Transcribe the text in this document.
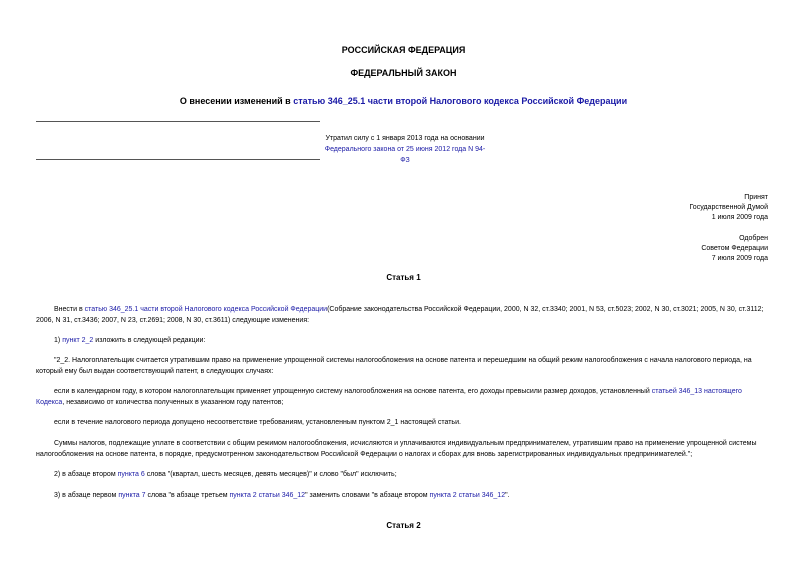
РОССИЙСКАЯ ФЕДЕРАЦИЯ
ФЕДЕРАЛЬНЫЙ ЗАКОН
О внесении изменений в статью 346_25.1 части второй Налогового кодекса Российской Федерации
Утратил силу с 1 января 2013 года на основании
Федерального закона от 25 июня 2012 года N 94-ФЗ
Принят
Государственной Думой
1 июля 2009 года
Одобрен
Советом Федерации
7 июля 2009 года
Статья 1
Внести в статью 346_25.1 части второй Налогового кодекса Российской Федерации(Собрание законодательства Российской Федерации, 2000, N 32, ст.3340; 2001, N 53, ст.5023; 2002, N 30, ст.3021; 2005, N 30, ст.3112; 2006, N 31, ст.3436; 2007, N 23, ст.2691; 2008, N 30, ст.3611) следующие изменения:
1) пункт 2_2 изложить в следующей редакции:
"2_2. Налогоплательщик считается утратившим право на применение упрощенной системы налогообложения на основе патента и перешедшим на общий режим налогообложения с начала налогового периода, на который ему был выдан соответствующий патент, в следующих случаях:
если в календарном году, в котором налогоплательщик применяет упрощенную систему налогообложения на основе патента, его доходы превысили размер доходов, установленный статьей 346_13 настоящего Кодекса, независимо от количества полученных в указанном году патентов;
если в течение налогового периода допущено несоответствие требованиям, установленным пунктом 2_1 настоящей статьи.
Суммы налогов, подлежащие уплате в соответствии с общим режимом налогообложения, исчисляются и уплачиваются индивидуальным предпринимателем, утратившим право на применение упрощенной системы налогообложения на основе патента, в порядке, предусмотренном законодательством Российской Федерации о налогах и сборах для вновь зарегистрированных индивидуальных предпринимателей.";
2) в абзаце втором пункта 6 слова "(квартал, шесть месяцев, девять месяцев)" и слово "был" исключить;
3) в абзаце первом пункта 7 слова "в абзаце третьем пункта 2 статьи 346_12" заменить словами "в абзаце втором пункта 2 статьи 346_12".
Статья 2
